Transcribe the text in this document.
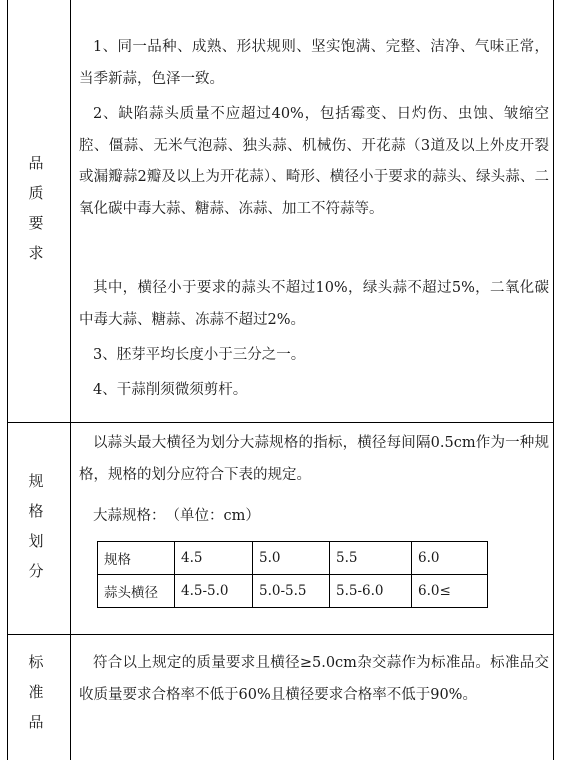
品
质
要
求

1、同一品种、成熟、形状规则、坚实饱满、完整、洁净、气味正常，当季新蒜，色泽一致。

2、缺陷蒜头质量不应超过40%，包括霉变、日灼伤、虫蚀、皱缩空腔、僵蒜、无米气泡蒜、独头蒜、机械伤、开花蒜（3道及以上外皮开裂或漏瓣蒜2瓣及以上为开花蒜）、畸形、横径小于要求的蒜头、绿头蒜、二氧化碳中毒大蒜、糖蒜、冻蒜、加工不符蒜等。

其中，横径小于要求的蒜头不超过10%，绿头蒜不超过5%，二氧化碳中毒大蒜、糖蒜、冻蒜不超过2%。

3、胚芽平均长度小于三分之一。

4、干蒜削须微须剪杆。

规
格
划
分

以蒜头最大横径为划分大蒜规格的指标，横径每间隔0.5cm作为一种规格，规格的划分应符合下表的规定。

大蒜规格：　（单位：cm）
规格	4.5	5.0	5.5	6.0
蒜头横径	4.5-5.0	5.0-5.5	5.5-6.0	6.0≤
标
准
品

符合以上规定的质量要求且横径≥5.0cm杂交蒜作为标准品。标准品交收质量要求合格率不低于60%且横径要求合格率不低于90%。
